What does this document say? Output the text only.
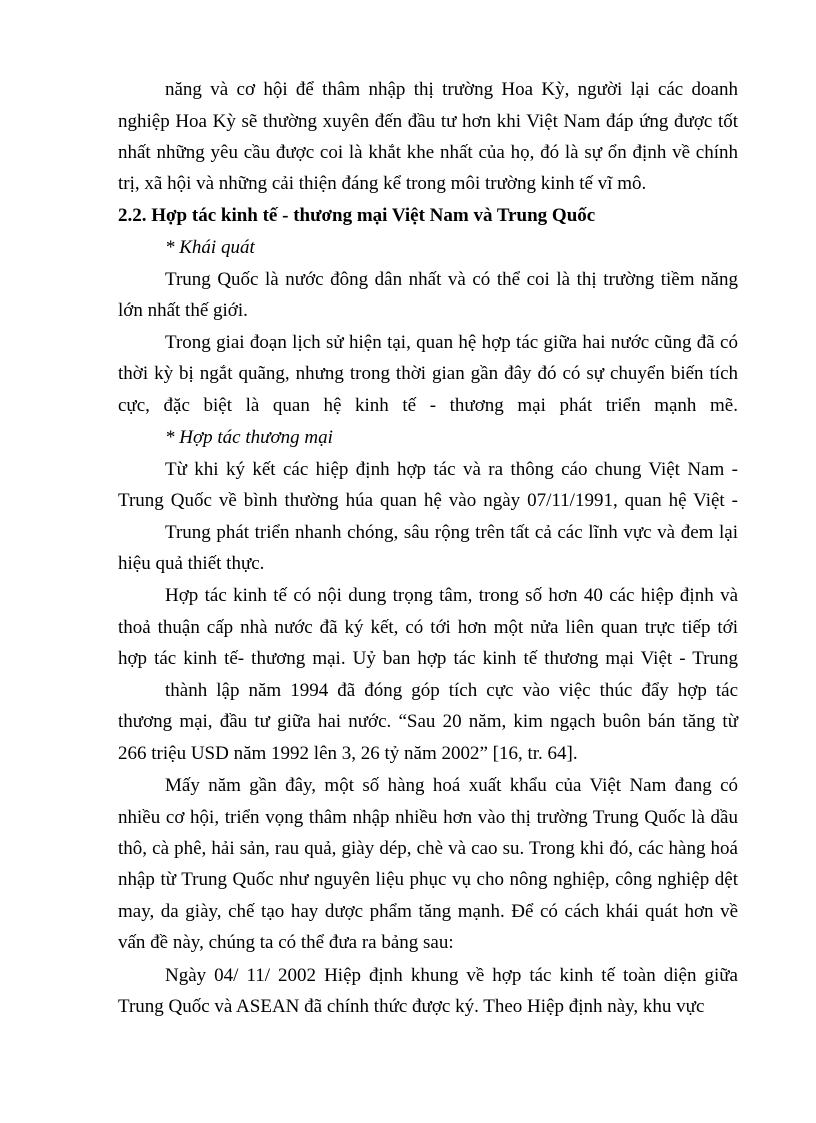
năng và cơ hội để thâm nhập thị trường Hoa Kỳ, người lại các doanh
nghiệp Hoa Kỳ sẽ thường xuyên đến đầu tư hơn khi Việt Nam đáp ứng được tốt
nhất những yêu cầu được coi là khắt khe nhất của họ, đó là sự ổn định về chính
trị, xã hội và những cải thiện đáng kể trong môi trường kinh tế vĩ mô.
2.2. Hợp tác kinh tế - thương mại Việt Nam và Trung Quốc
* Khái quát
Trung Quốc là nước đông dân nhất và có thể coi là thị trường tiềm năng
lớn nhất thế giới.
Trong giai đoạn lịch sử hiện tại, quan hệ hợp tác giữa hai nước cũng đã có
thời kỳ bị ngắt quãng, nhưng trong thời gian gần đây đó có sự chuyển biến tích
cực, đặc biệt là quan hệ kinh tế - thương mại phát triển mạnh mẽ.
* Hợp tác thương mại
Từ khi ký kết các hiệp định hợp tác và ra thông cáo chung Việt Nam -
Trung Quốc về bình thường húa quan hệ vào ngày 07/11/1991, quan hệ Việt -
Trung phát triển nhanh chóng, sâu rộng trên tất cả các lĩnh vực và đem lại
hiệu quả thiết thực.
Hợp tác kinh tế có nội dung trọng tâm, trong số hơn 40 các hiệp định và
thoả thuận cấp nhà nước đã ký kết, có tới hơn một nửa liên quan trực tiếp tới
hợp tác kinh tế- thương mại. Uỷ ban hợp tác kinh tế thương mại Việt - Trung
thành lập năm 1994 đã đóng góp tích cực vào việc thúc đẩy hợp tác
thương mại, đầu tư giữa hai nước. “Sau 20 năm, kim ngạch buôn bán tăng từ
266 triệu USD năm 1992 lên 3, 26 tỷ năm 2002” [16, tr. 64].
Mấy năm gần đây, một số hàng hoá xuất khẩu của Việt Nam đang có
nhiều cơ hội, triển vọng thâm nhập nhiều hơn vào thị trường Trung Quốc là dầu
thô, cà phê, hải sản, rau quả, giày dép, chè và cao su. Trong khi đó, các hàng hoá
nhập từ Trung Quốc như nguyên liệu phục vụ cho nông nghiệp, công nghiệp dệt
may, da giày, chế tạo hay dược phẩm tăng mạnh. Để có cách khái quát hơn về
vấn đề này, chúng ta có thể đưa ra bảng sau:
Ngày 04/ 11/ 2002 Hiệp định khung về hợp tác kinh tế toàn diện giữa
Trung Quốc và ASEAN đã chính thức được ký. Theo Hiệp định này, khu vực
